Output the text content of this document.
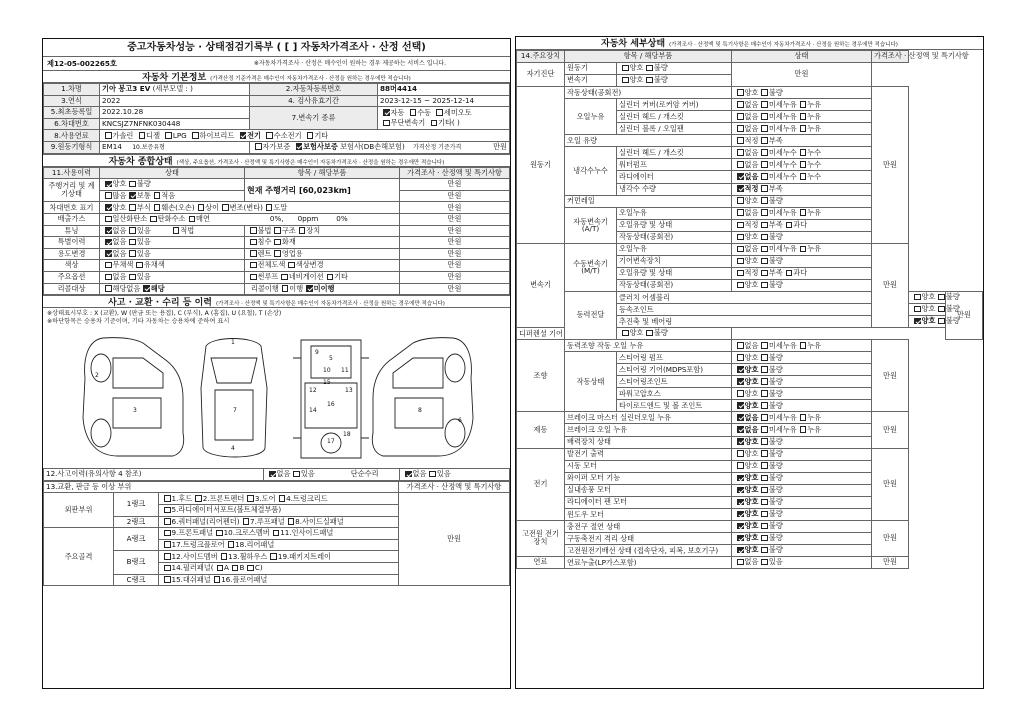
중고자동차성능 · 상태점검기록부 ( [ ] 자동차가격조사 · 산정 선택)
제12-05-002265호	※자동차가격조사 · 산정은 매수인이 원하는 경우 제공하는 서비스 입니다.
자동차 기본정보 (가격산정 기준가격은 매수인이 자동차가격조사 · 산정을 원하는 경우에만 적습니다)
1.차명	기아 봉고3 EV (세부모델 : )	2.자동차등록번호	88머4414
3.연식	2022	4. 검사유효기간	2023-12-15 ~ 2025-12-14
5.최초등록일	2022.10.28	7.변속기 종류	자동 수동 세미오토
무단변속기 기타( )
6.차대번호	KNCSJZ7NFNK030448		
8.사용연료	가솔린 디젤 LPG 하이브리드 전기 수소전기 기타		
9.원동기형식	EM14 10.보증유형	자가보증 보험사보증 보험사(DB손해보험) 가격산정 기준가격 만원	
자동차 종합상태 (색상, 주요옵션, 가격조사 · 산정액 및 특기사항은 매수인이 자동차가격조사 · 산정을 원하는 경우에만 적습니다)
11.사용이력	상태	항목 / 해당부품	가격조사 · 산정액 및 특기사항
주행거리 및 계기상태	양호 불량	현재 주행거리 [60,023km]	만원
	많음 보통 적음		만원
차대번호 표기	양호 부식 훼손(오손) 상이 변조(변타) 도말		만원
배출가스	일산화탄소 탄화수소 매연 0%, 0ppm 0%		만원
튜닝	없음 있음 적법	불법 구조 장치	만원
특별이력	없음 있음	침수 화재	만원
용도변경	없음 있음	렌트 영업용	만원
색상	무채색 유채색	전체도색 색상변경	만원
주요옵션	없음 있음	썬루프 네비게이션 기타	만원
리콜대상	해당없음 해당	리콜이행 이행 미이행	만원
사고 · 교환 · 수리 등 이력 (가격조사 · 산정액 및 특기사항은 매수인이 자동차가격조사 · 산정을 원하는 경우에만 적습니다)
※상태표시부호 : X (교환), W (판금 또는 용접), C (부식), A (흠집), U (요철), T (손상)
※하단항목은 승용차 기준이며, 기타 자동차는 승용차에 준하여 표시
1
2
3
4
5
6
7	8
9
10 11
12	13
14
15
16
17
18
12.사고이력(유의사항 4 참조)	없음 있음	단순수리	없음 있음
13.교환, 판금 등 이상 부위			가격조사 · 산정액 및 특기사항
외판부위	1랭크	1.후드 2.프론트펜더 3.도어 4.트렁크리드	만원
		5.라디에이터서포트(볼트체결부품)	
	2랭크	6.쿼터패널(리어펜더) 7.루프패널 8.사이드실패널	
주요골격	A랭크	9.프론트패널 10.크로스멤버 11.인사이드패널	
		17.트렁크플로어 18.리어패널	
	B랭크	12.사이드멤버 13.휠하우스 19.패키지트레이	
		14.필러패널( A B C)	
	C랭크	15.대쉬패널 16.플로어패널	
자동차 세부상태 (가격조사 · 산정액 및 특기사항은 매수인이 자동차가격조사 · 산정을 원하는 경우에만 적습니다)
14.주요장치	항목 / 해당부품		상태	가격조사 · 산정액 및 특기사항		
자기진단	원동기	양호 불량	만원			
	변속기	양호 불량				
원동기	작동상태(공회전)		양호 불량	만원		
	오일누유	실린더 커버(로커암 커버)	없음 미세누유 누유			
		실린더 헤드 / 개스킷	없음 미세누유 누유			
		실린더 블록 / 오일팬	없음 미세누유 누유			
	오일 유량		적정 부족			
	냉각수누수	실린더 헤드 / 개스킷	없음 미세누수 누수			
		워터펌프	없음 미세누수 누수			
		라디에이터	없음 미세누수 누수			
		냉각수 수량	적정 부족			
	커먼레일		양호 불량			
	자동변속기(A/T)	오일누유	없음 미세누유 누유			
		오일유량 및 상태	적정 부족 과다			
		작동상태(공회전)	양호 불량			
변속기	수동변속기(M/T)	오일누유	없음 미세누유 누유	만원		
		기어변속장치	양호 불량			
		오일유량 및 상태	적정 부족 과다			
		작동상태(공회전)	양호 불량			
	동력전달	클러치 어셈블리			양호 불량	만원
		등속조인트			양호 불량	
		추진축 및 베어링			양호 불량	
디퍼렌셜 기어		양호 불량				
조향	동력조향 작동 오일 누유		없음 미세누유 누유	만원		
	작동상태	스티어링 펌프	양호 불량			
		스티어링 기어(MDPS포함)	양호 불량			
		스티어링조인트	양호 불량			
		파워고압호스	양호 불량			
		타이로드엔드 및 볼 조인트	양호 불량			
제동	브레이크 마스터 실린더오일 누유		없음 미세누유 누유	만원		
	브레이크 오일 누유		없음 미세누유 누유			
	배력장치 상태		양호 불량			
전기	발전기 출력		양호 불량	만원		
	시동 모터		양호 불량			
	와이퍼 모터 기능		양호 불량			
	실내송풍 모터		양호 불량			
	라디에이터 팬 모터		양호 불량			
	윈도우 모터		양호 불량			
고전원 전기장치	충전구 절연 상태		양호 불량	만원		
	구동축전지 격리 상태		양호 불량			
	고전원전기배선 상태 (접속단자, 피복, 보호기구)		양호 불량			
연료	연료누출(LP가스포함)		없음 있음	만원		
